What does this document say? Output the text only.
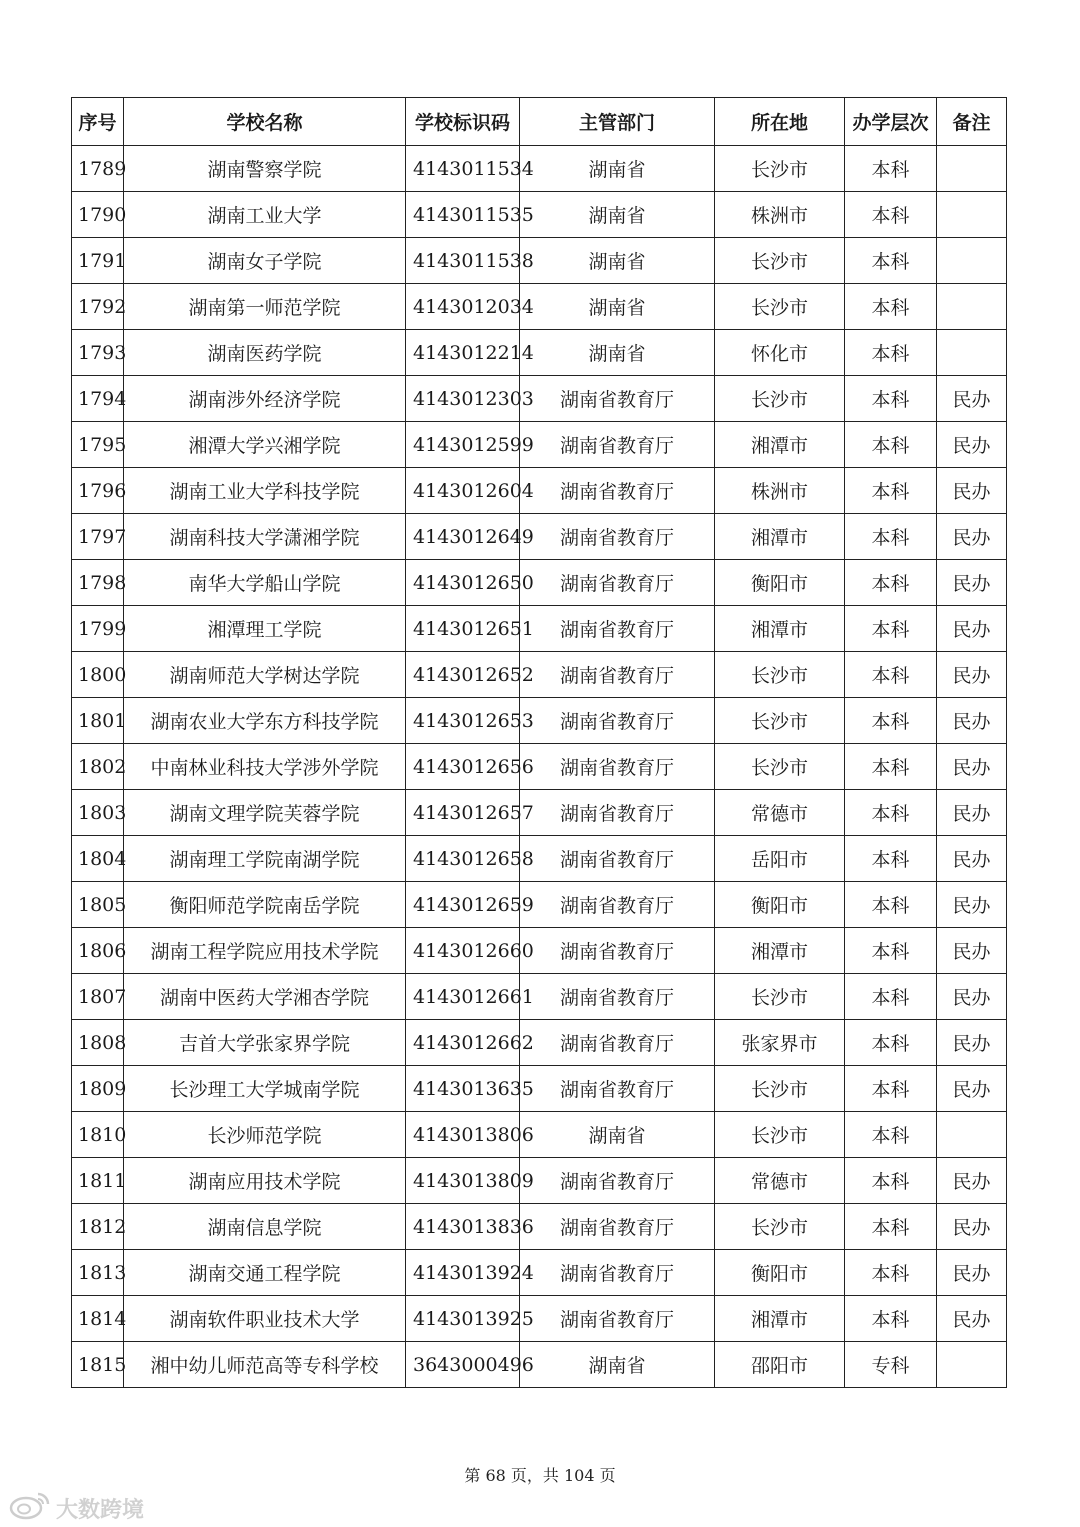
序号	学校名称	学校标识码	主管部门	所在地	办学层次	备注
1789	湖南警察学院	4143011534	湖南省	长沙市	本科	
1790	湖南工业大学	4143011535	湖南省	株洲市	本科	
1791	湖南女子学院	4143011538	湖南省	长沙市	本科	
1792	湖南第一师范学院	4143012034	湖南省	长沙市	本科	
1793	湖南医药学院	4143012214	湖南省	怀化市	本科	
1794	湖南涉外经济学院	4143012303	湖南省教育厅	长沙市	本科	民办
1795	湘潭大学兴湘学院	4143012599	湖南省教育厅	湘潭市	本科	民办
1796	湖南工业大学科技学院	4143012604	湖南省教育厅	株洲市	本科	民办
1797	湖南科技大学潇湘学院	4143012649	湖南省教育厅	湘潭市	本科	民办
1798	南华大学船山学院	4143012650	湖南省教育厅	衡阳市	本科	民办
1799	湘潭理工学院	4143012651	湖南省教育厅	湘潭市	本科	民办
1800	湖南师范大学树达学院	4143012652	湖南省教育厅	长沙市	本科	民办
1801	湖南农业大学东方科技学院	4143012653	湖南省教育厅	长沙市	本科	民办
1802	中南林业科技大学涉外学院	4143012656	湖南省教育厅	长沙市	本科	民办
1803	湖南文理学院芙蓉学院	4143012657	湖南省教育厅	常德市	本科	民办
1804	湖南理工学院南湖学院	4143012658	湖南省教育厅	岳阳市	本科	民办
1805	衡阳师范学院南岳学院	4143012659	湖南省教育厅	衡阳市	本科	民办
1806	湖南工程学院应用技术学院	4143012660	湖南省教育厅	湘潭市	本科	民办
1807	湖南中医药大学湘杏学院	4143012661	湖南省教育厅	长沙市	本科	民办
1808	吉首大学张家界学院	4143012662	湖南省教育厅	张家界市	本科	民办
1809	长沙理工大学城南学院	4143013635	湖南省教育厅	长沙市	本科	民办
1810	长沙师范学院	4143013806	湖南省	长沙市	本科	
1811	湖南应用技术学院	4143013809	湖南省教育厅	常德市	本科	民办
1812	湖南信息学院	4143013836	湖南省教育厅	长沙市	本科	民办
1813	湖南交通工程学院	4143013924	湖南省教育厅	衡阳市	本科	民办
1814	湖南软件职业技术大学	4143013925	湖南省教育厅	湘潭市	本科	民办
1815	湘中幼儿师范高等专科学校	3643000496	湖南省	邵阳市	专科	
第 68 页，共 104 页
大数跨境
